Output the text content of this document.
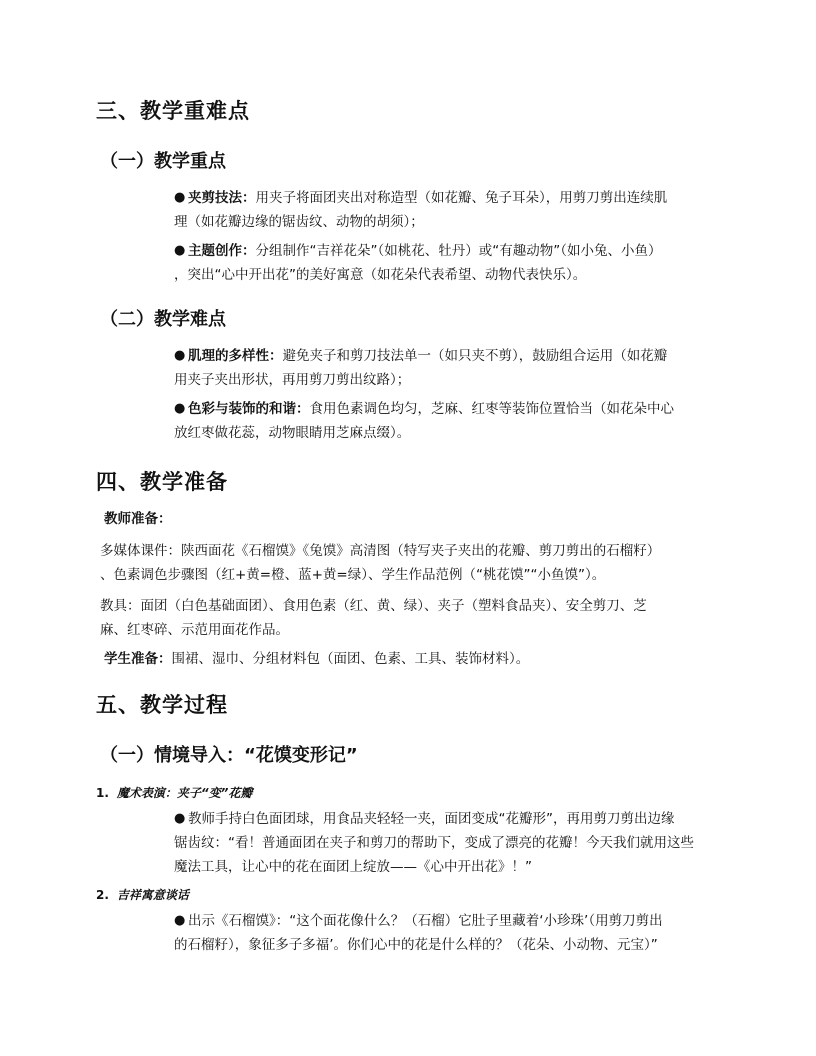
三、教学重难点
（一）教学重点
● 夹剪技法：用夹子将面团夹出对称造型（如花瓣、兔子耳朵），用剪刀剪出连续肌
理（如花瓣边缘的锯齿纹、动物的胡须）；
● 主题创作：分组制作“吉祥花朵”（如桃花、牡丹）或“有趣动物”（如小兔、小鱼）
，突出“心中开出花”的美好寓意（如花朵代表希望、动物代表快乐）。
（二）教学难点
● 肌理的多样性：避免夹子和剪刀技法单一（如只夹不剪），鼓励组合运用（如花瓣
用夹子夹出形状，再用剪刀剪出纹路）；
● 色彩与装饰的和谐：食用色素调色均匀，芝麻、红枣等装饰位置恰当（如花朵中心
放红枣做花蕊，动物眼睛用芝麻点缀）。
四、教学准备
教师准备：
多媒体课件：陕西面花《石榴馍》《兔馍》高清图（特写夹子夹出的花瓣、剪刀剪出的石榴籽）
、色素调色步骤图（红+黄=橙、蓝+黄=绿）、学生作品范例（“桃花馍”“小鱼馍”）。
教具：面团（白色基础面团）、食用色素（红、黄、绿）、夹子（塑料食品夹）、安全剪刀、芝
麻、红枣碎、示范用面花作品。
学生准备：围裙、湿巾、分组材料包（面团、色素、工具、装饰材料）。
五、教学过程
（一）情境导入：“花馍变形记”
1. 魔术表演：夹子“变”花瓣
● 教师手持白色面团球，用食品夹轻轻一夹，面团变成“花瓣形”，再用剪刀剪出边缘
锯齿纹：“看！普通面团在夹子和剪刀的帮助下，变成了漂亮的花瓣！今天我们就用这些
魔法工具，让心中的花在面团上绽放——《心中开出花》！”
2. 吉祥寓意谈话
● 出示《石榴馍》：“这个面花像什么？（石榴）它肚子里藏着‘小珍珠’（用剪刀剪出
的石榴籽），象征多子多福’。你们心中的花是什么样的？（花朵、小动物、元宝）”
